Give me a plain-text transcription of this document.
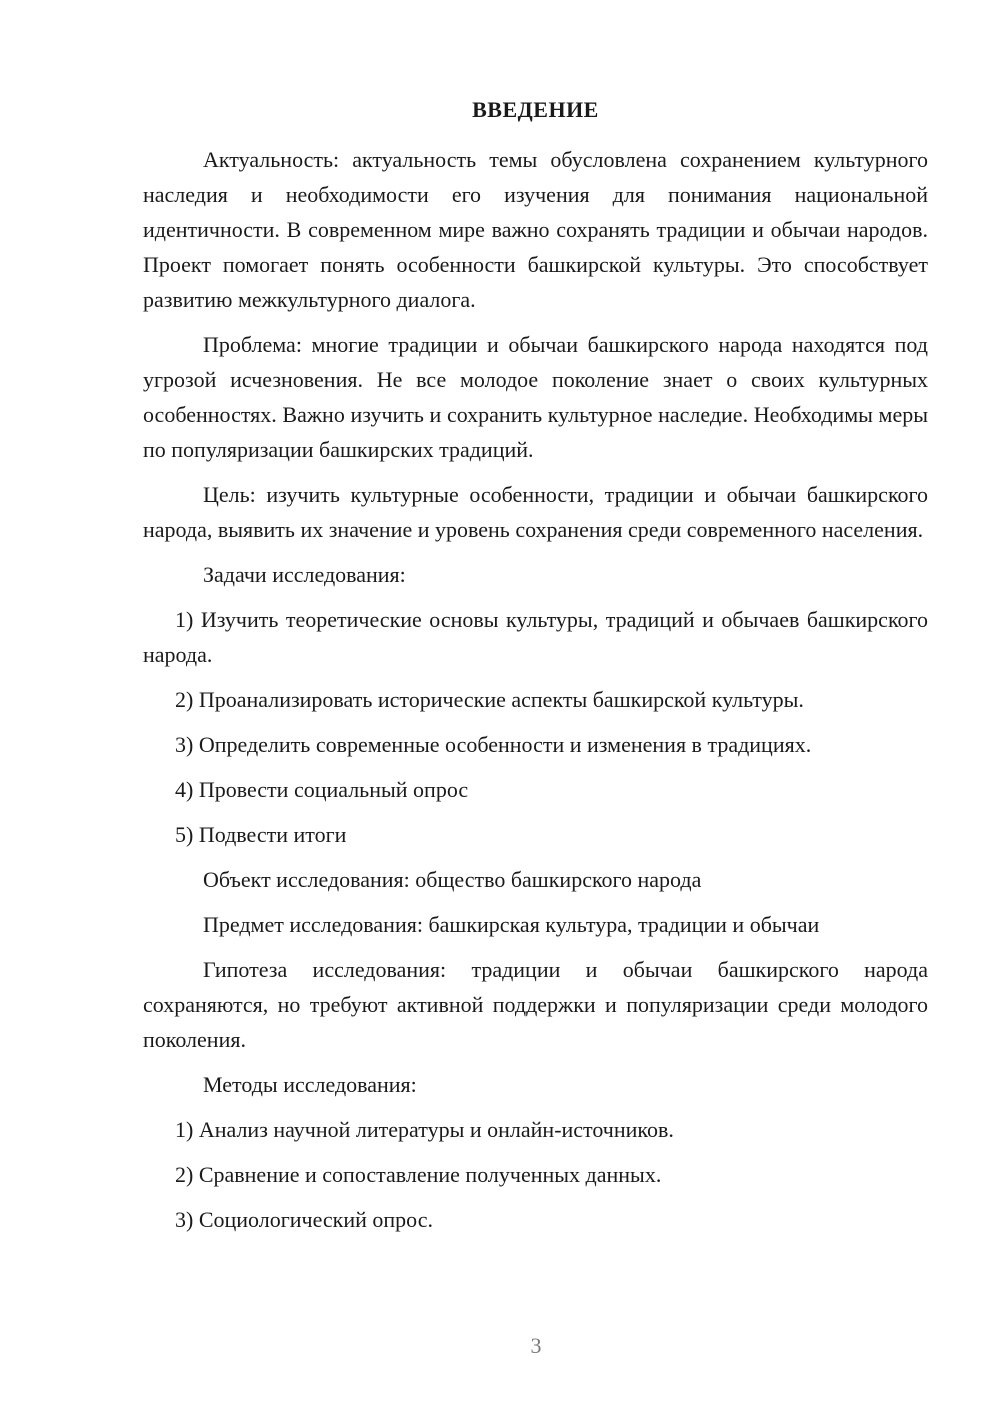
ВВЕДЕНИЕ

Актуальность: актуальность темы обусловлена сохранением культурного наследия и необходимости его изучения для понимания национальной идентичности. В современном мире важно сохранять традиции и обычаи народов. Проект помогает понять особенности башкирской культуры. Это способствует развитию межкультурного диалога.

Проблема: многие традиции и обычаи башкирского народа находятся под угрозой исчезновения. Не все молодое поколение знает о своих культурных особенностях. Важно изучить и сохранить культурное наследие. Необходимы меры по популяризации башкирских традиций.

Цель: изучить культурные особенности, традиции и обычаи башкирского народа, выявить их значение и уровень сохранения среди современного населения.

Задачи исследования:

1) Изучить теоретические основы культуры, традиций и обычаев башкирского народа.

2) Проанализировать исторические аспекты башкирской культуры.

3) Определить современные особенности и изменения в традициях.

4) Провести социальный опрос

5) Подвести итоги

Объект исследования: общество башкирского народа

Предмет исследования: башкирская культура, традиции и обычаи

Гипотеза исследования: традиции и обычаи башкирского народа сохраняются, но требуют активной поддержки и популяризации среди молодого поколения.

Методы исследования:

1) Анализ научной литературы и онлайн-источников.

2) Сравнение и сопоставление полученных данных.

3) Социологический опрос.

3
